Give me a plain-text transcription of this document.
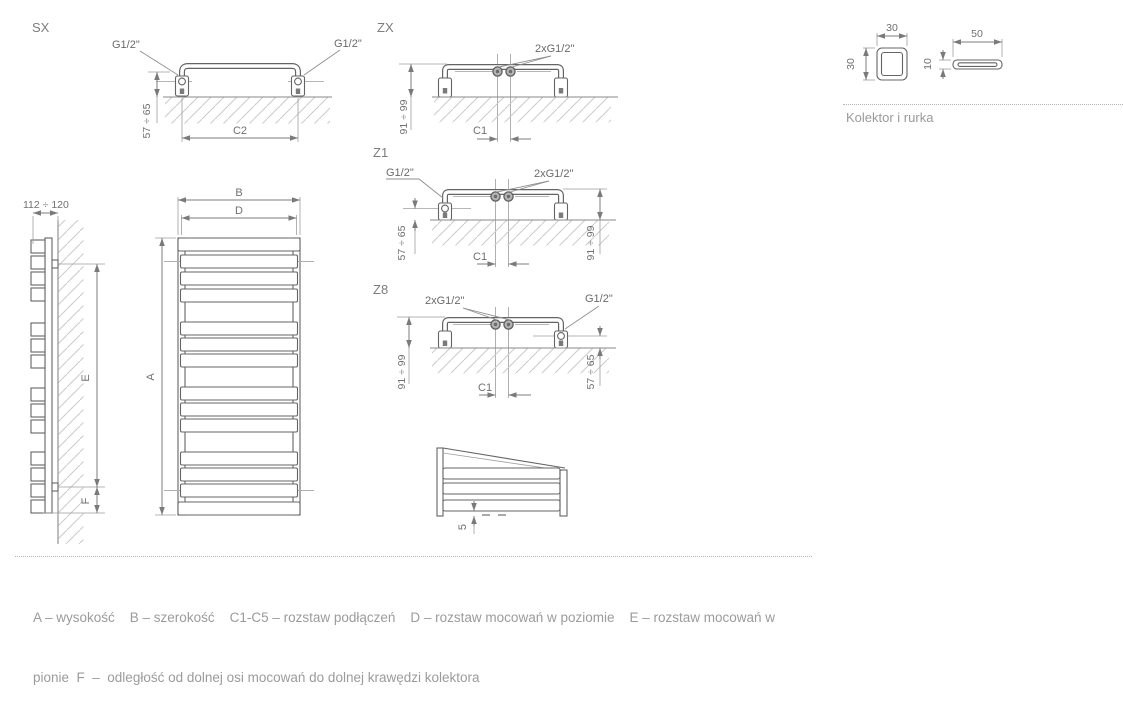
SX
G1/2"	G1/2"
57 ÷ 65	C2
ZX
2xG1/2"
91 ÷ 99	C1
Z1
G1/2"	2xG1/2"
57 ÷ 65	91 ÷ 99
C1
Z8
2xG1/2"	G1/2"
91 ÷ 99	57 ÷ 65
C1
30
30
50
10
Kolektor i rurka
112 ÷ 120
E
F
B
D
A
5

A – wysokość    B – szerokość    C1-C5 – rozstaw podłączeń    D – rozstaw mocowań w poziomie    E – rozstaw mocowań w

pionie  F  –  odległość od dolnej osi mocowań do dolnej krawędzi kolektora
